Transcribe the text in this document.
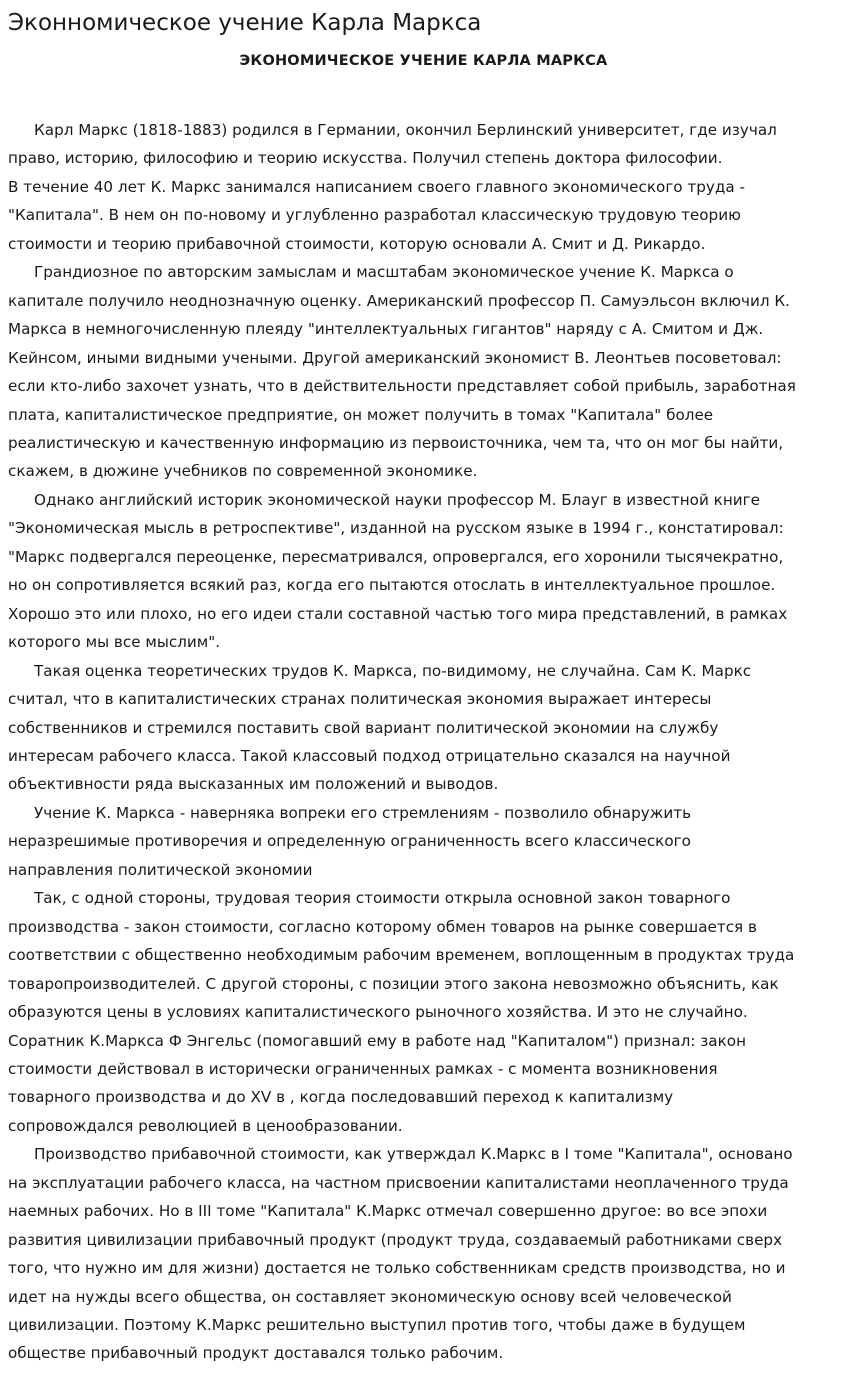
Эконномическое учение Карла Маркса
ЭКОНОМИЧЕСКОЕ УЧЕНИЕ КАРЛА МАРКСА
Карл Маркс (1818-1883) родился в Германии, окончил Берлинский университет, где изучал
право, историю, философию и теорию искусства. Получил степень доктора философии.
В течение 40 лет К. Маркс занимался написанием своего главного экономического труда -
"Капитала". В нем он по-новому и углубленно разработал классическую трудовую теорию
стоимости и теорию прибавочной стоимости, которую основали А. Смит и Д. Рикардо.
Грандиозное по авторским замыслам и масштабам экономическое учение К. Маркса о
капитале получило неоднозначную оценку. Американский профессор П. Самуэльсон включил К.
Маркса в немногочисленную плеяду "интеллектуальных гигантов" наряду с А. Смитом и Дж.
Кейнсом, иными видными учеными. Другой американский экономист В. Леонтьев посоветовал:
если кто-либо захочет узнать, что в действительности представляет собой прибыль, заработная
плата, капиталистическое предприятие, он может получить в томах "Капитала" более
реалистическую и качественную информацию из первоисточника, чем та, что он мог бы найти,
скажем, в дюжине учебников по современной экономике.
Однако английский историк экономической науки профессор М. Блауг в известной книге
"Экономическая мысль в ретроспективе", изданной на русском языке в 1994 г., констатировал:
"Маркс подвергался переоценке, пересматривался, опровергался, его хоронили тысячекратно,
но он сопротивляется всякий раз, когда его пытаются отослать в интеллектуальное прошлое.
Хорошо это или плохо, но его идеи стали составной частью того мира представлений, в рамках
которого мы все мыслим".
Такая оценка теоретических трудов К. Маркса, по-видимому, не случайна. Сам К. Маркс
считал, что в капиталистических странах политическая экономия выражает интересы
собственников и стремился поставить свой вариант политической экономии на службу
интересам рабочего класса. Такой классовый подход отрицательно сказался на научной
объективности ряда высказанных им положений и выводов.
Учение К. Маркса - наверняка вопреки его стремлениям - позволило обнаружить
неразрешимые противоречия и определенную ограниченность всего классического
направления политической экономии
Так, с одной стороны, трудовая теория стоимости открыла основной закон товарного
производства - закон стоимости, согласно которому обмен товаров на рынке совершается в
соответствии с общественно необходимым рабочим временем, воплощенным в продуктах труда
товаропроизводителей. С другой стороны, с позиции этого закона невозможно объяснить, как
образуются цены в условиях капиталистического рыночного хозяйства. И это не случайно.
Соратник К.Маркса Ф Энгельс (помогавший ему в работе над "Капиталом") признал: закон
стоимости действовал в исторически ограниченных рамках - с момента возникновения
товарного производства и до XV в , когда последовавший переход к капитализму
сопровождался революцией в ценообразовании.
Производство прибавочной стоимости, как утверждал К.Маркс в I томе "Капитала", основано
на эксплуатации рабочего класса, на частном присвоении капиталистами неоплаченного труда
наемных рабочих. Но в III томе "Капитала" К.Маркс отмечал совершенно другое: во все эпохи
развития цивилизации прибавочный продукт (продукт труда, создаваемый работниками сверх
того, что нужно им для жизни) достается не только собственникам средств производства, но и
идет на нужды всего общества, он составляет экономическую основу всей человеческой
цивилизации. Поэтому К.Маркс решительно выступил против того, чтобы даже в будущем
обществе прибавочный продукт доставался только рабочим.
